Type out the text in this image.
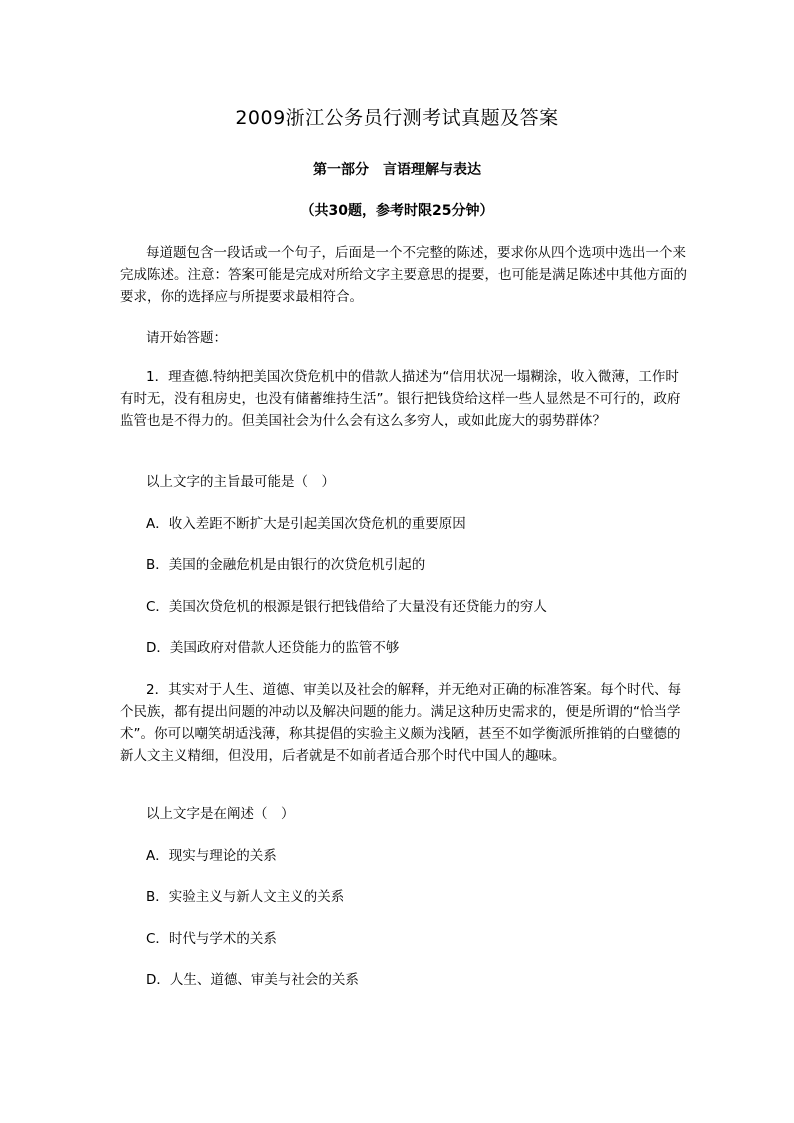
2009浙江公务员行测考试真题及答案
第一部分　言语理解与表达
（共30题，参考时限25分钟）

每道题包含一段话或一个句子，后面是一个不完整的陈述，要求你从四个选项中选出一个来完成陈述。注意：答案可能是完成对所给文字主要意思的提要，也可能是满足陈述中其他方面的要求，你的选择应与所提要求最相符合。

请开始答题：

1．理查德.特纳把美国次贷危机中的借款人描述为“信用状况一塌糊涂，收入微薄，工作时有时无，没有租房史，也没有储蓄维持生活”。银行把钱贷给这样一些人显然是不可行的，政府监管也是不得力的。但美国社会为什么会有这么多穷人，或如此庞大的弱势群体？

以上文字的主旨最可能是（　）

A．收入差距不断扩大是引起美国次贷危机的重要原因

B．美国的金融危机是由银行的次贷危机引起的

C．美国次贷危机的根源是银行把钱借给了大量没有还贷能力的穷人

D．美国政府对借款人还贷能力的监管不够

2．其实对于人生、道德、审美以及社会的解释，并无绝对正确的标准答案。每个时代、每个民族，都有提出问题的冲动以及解决问题的能力。满足这种历史需求的，便是所谓的“恰当学术”。你可以嘲笑胡适浅薄，称其提倡的实验主义颇为浅陋，甚至不如学衡派所推销的白璧德的新人文主义精细，但没用，后者就是不如前者适合那个时代中国人的趣味。

以上文字是在阐述（　）

A．现实与理论的关系

B．实验主义与新人文主义的关系

C．时代与学术的关系

D．人生、道德、审美与社会的关系
